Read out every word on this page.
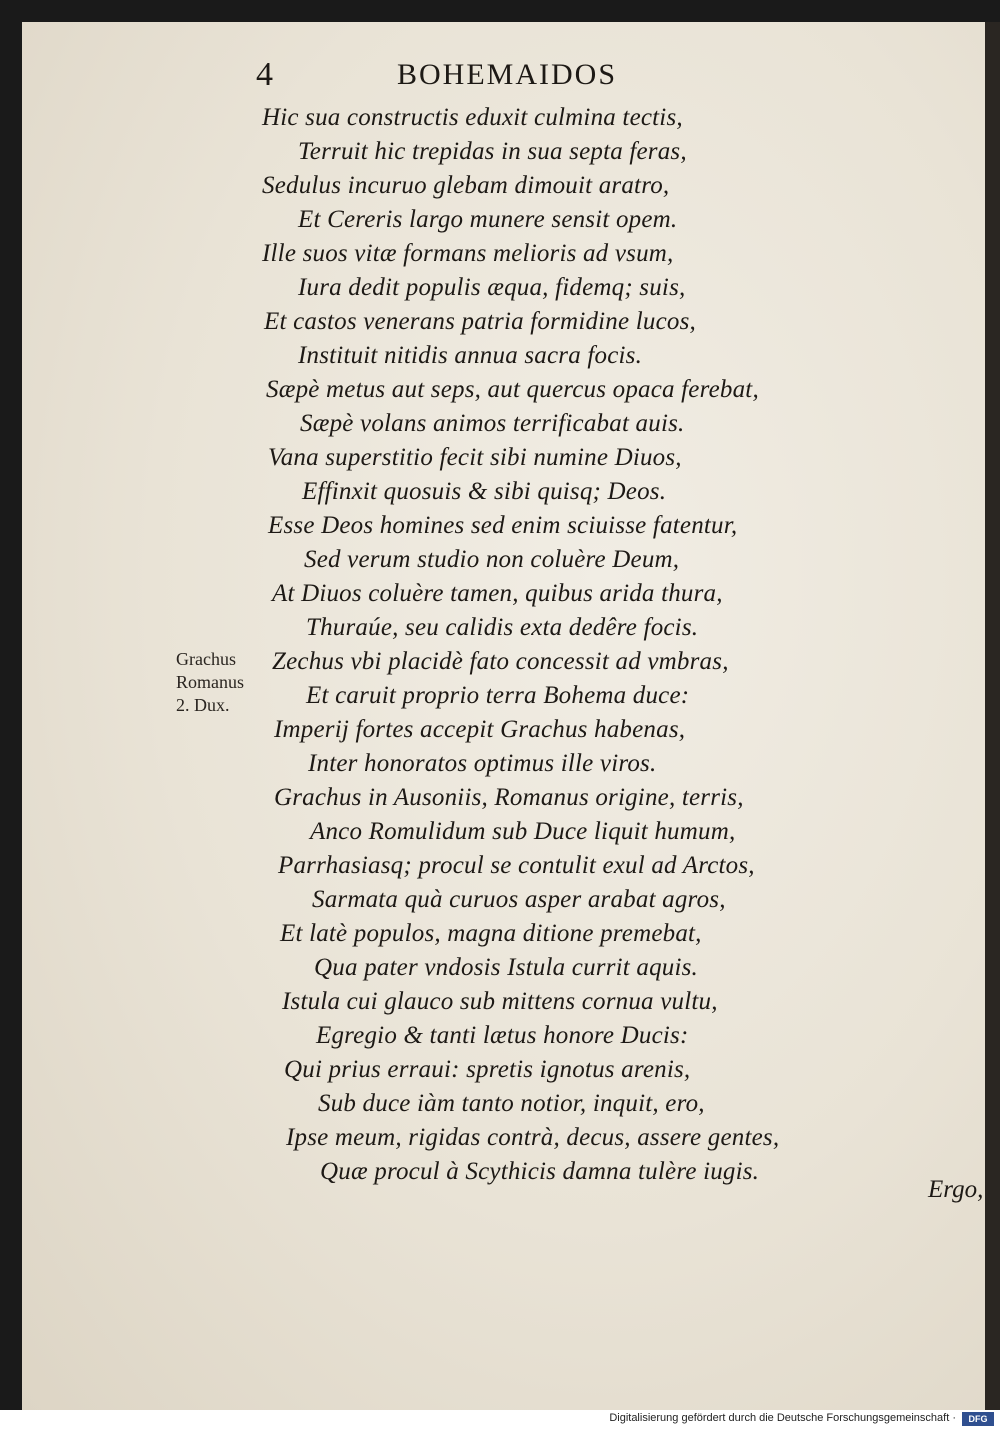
4	BOHEMAIDOS
Grachus
Romanus
2. Dux.
Hic sua constructis eduxit culmina tectis,
Terruit hic trepidas in sua septa feras,
Sedulus incuruo glebam dimouit aratro,
Et Cereris largo munere sensit opem.
Ille suos vitæ formans melioris ad vsum,
Iura dedit populis æqua, fidemq; suis,
Et castos venerans patria formidine lucos,
Instituit nitidis annua sacra focis.
Sæpè metus aut seps, aut quercus opaca ferebat,
Sæpè volans animos terrificabat auis.
Vana superstitio fecit sibi numine Diuos,
Effinxit quosuis & sibi quisq; Deos.
Esse Deos homines sed enim sciuisse fatentur,
Sed verum studio non coluère Deum,
At Diuos coluère tamen, quibus arida thura,
Thuraúe, seu calidis exta dedêre focis.
Zechus vbi placidè fato concessit ad vmbras,
Et caruit proprio terra Bohema duce:
Imperij fortes accepit Grachus habenas,
Inter honoratos optimus ille viros.
Grachus in Ausoniis, Romanus origine, terris,
Anco Romulidum sub Duce liquit humum,
Parrhasiasq; procul se contulit exul ad Arctos,
Sarmata quà curuos asper arabat agros,
Et latè populos, magna ditione premebat,
Qua pater vndosis Istula currit aquis.
Istula cui glauco sub mittens cornua vultu,
Egregio & tanti lætus honore Ducis:
Qui prius erraui: spretis ignotus arenis,
Sub duce iàm tanto notior, inquit, ero,
Ipse meum, rigidas contrà, decus, assere gentes,
Quæ procul à Scythicis damna tulère iugis.
Ergo,
Digitalisierung gefördert durch die Deutsche Forschungsgemeinschaft ·	DFG
